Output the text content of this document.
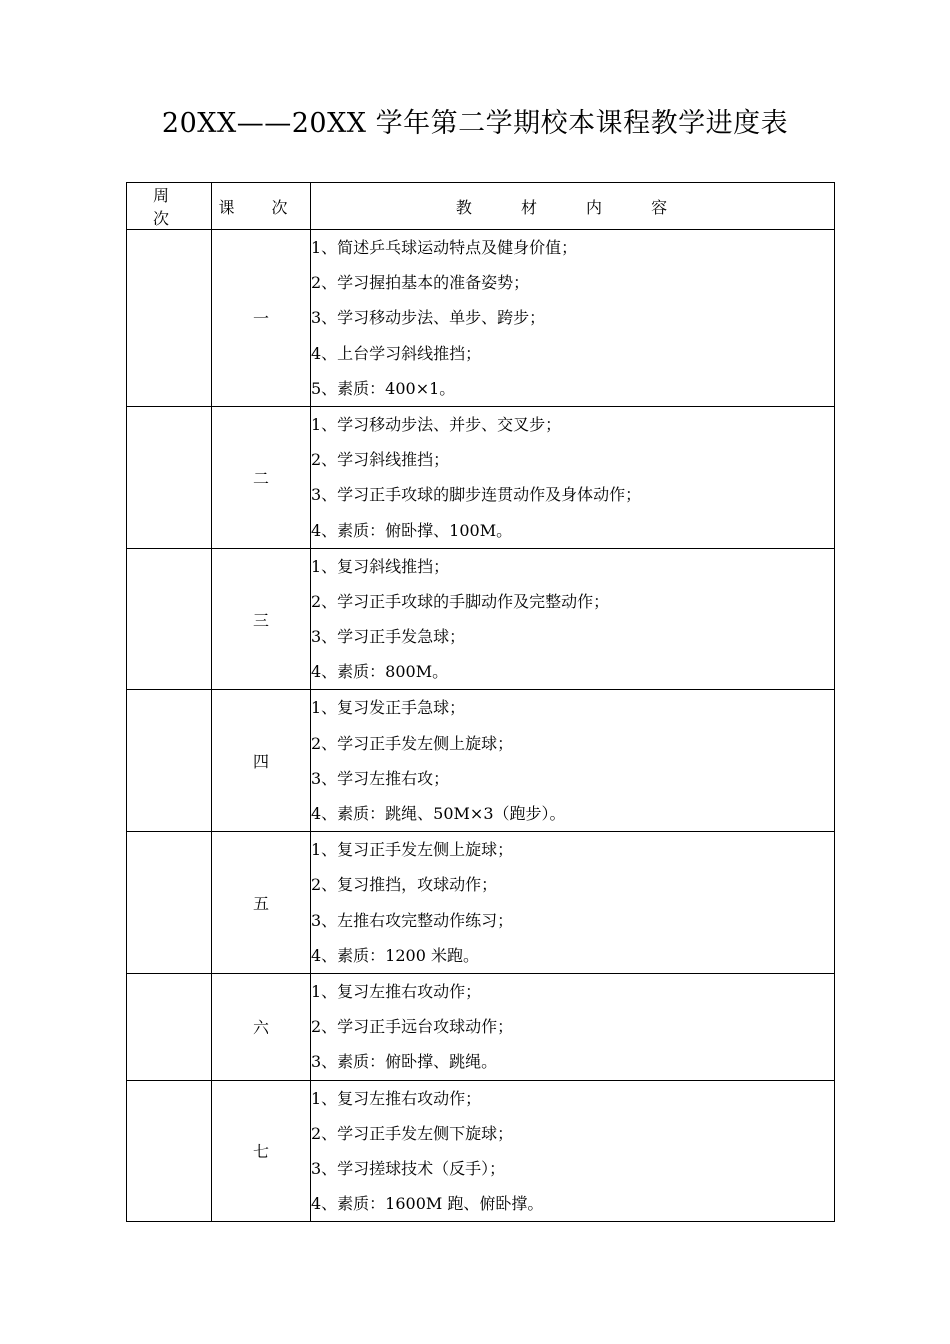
20XX——20XX 学年第二学期校本课程教学进度表
周 次	课 次	教 材 内 容
	一	1、简述乒乓球运动特点及健身价值；
2、学习握拍基本的准备姿势；
3、学习移动步法、单步、跨步；
4、上台学习斜线推挡；
5、素质：400×1。

	二	1、学习移动步法、并步、交叉步；
2、学习斜线推挡；
3、学习正手攻球的脚步连贯动作及身体动作；
4、素质：俯卧撑、100M。

	三	1、复习斜线推挡；
2、学习正手攻球的手脚动作及完整动作；
3、学习正手发急球；
4、素质：800M。

	四	1、复习发正手急球；
2、学习正手发左侧上旋球；
3、学习左推右攻；
4、素质：跳绳、50M×3（跑步）。

	五	1、复习正手发左侧上旋球；
2、复习推挡，攻球动作；
3、左推右攻完整动作练习；
4、素质：1200 米跑。

	六	1、复习左推右攻动作；
2、学习正手远台攻球动作；
3、素质：俯卧撑、跳绳。

	七	1、复习左推右攻动作；
2、学习正手发左侧下旋球；
3、学习搓球技术（反手）；
4、素质：1600M 跑、俯卧撑。
